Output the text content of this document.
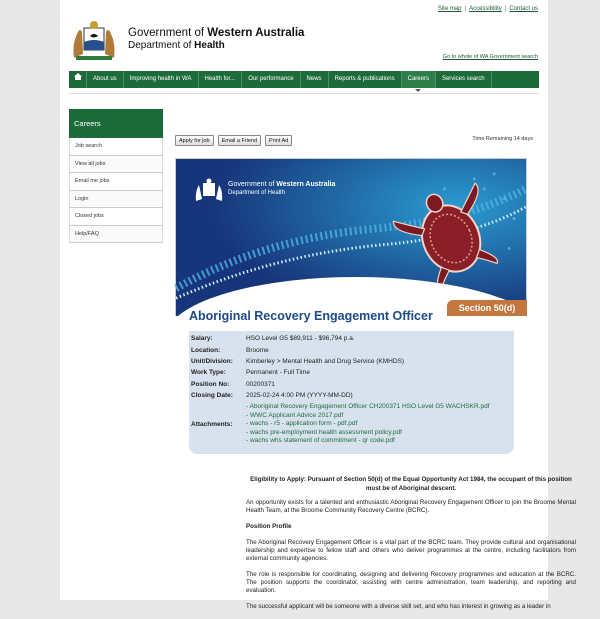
Site map | Accessibility | Contact us
Government of Western Australia
Department of Health
Go to whole of WA Government search
About us	Improving health in WA	Health for...	Our performance	News	Reports & publications	Careers	Services search
Careers
Job search
View all jobs
Email me jobs
Login
Closed jobs
Help/FAQ
Apply for job	Email a Friend	Print Ad	Time Remaining 14 days
Government of Western Australia
Department of Health
Section 50(d)
Aboriginal Recovery Engagement Officer
Salary:	HSO Level G5 $89,911 - $96,794 p.a.
Location:	Broome
Unit/Division:	Kimberley > Mental Health and Drug Service (KMHDS)
Work Type:	Permanent - Full Time
Position No:	00200371
Closing Date:	2025-02-24 4:00 PM (YYYY-MM-DD)
Attachments:	- Aboriginal Recovery Engagement Officer CH200371 HSO Level G5 WACHSKR.pdf
- WWC Applicant Advice 2017.pdf
- wachs - r5 - application form - pdf.pdf
- wachs pre-employment health assessment policy.pdf
- wachs whs statement of commitment - qr code.pdf
Eligibility to Apply: Pursuant of Section 50(d) of the Equal Opportunity Act 1984, the occupant of this position must be of Aboriginal descent.

An opportunity exists for a talented and enthusiastic Aboriginal Recovery Engagement Officer to join the Broome Mental Health Team, at the Broome Community Recovery Centre (BCRC).

Position Profile

The Aboriginal Recovery Engagement Officer is a vital part of the BCRC team. They provide cultural and organisational leadership and expertise to fellow staff and others who deliver programmes at the centre, including facilitators from external community agencies.

The role is responsible for coordinating, designing and delivering Recovery programmes and education at the BCRC. The position supports the coordinator, assisting with centre administration, team leadership, and reporting and evaluation.

The successful applicant will be someone with a diverse skill set, and who has interest in growing as a leader in
